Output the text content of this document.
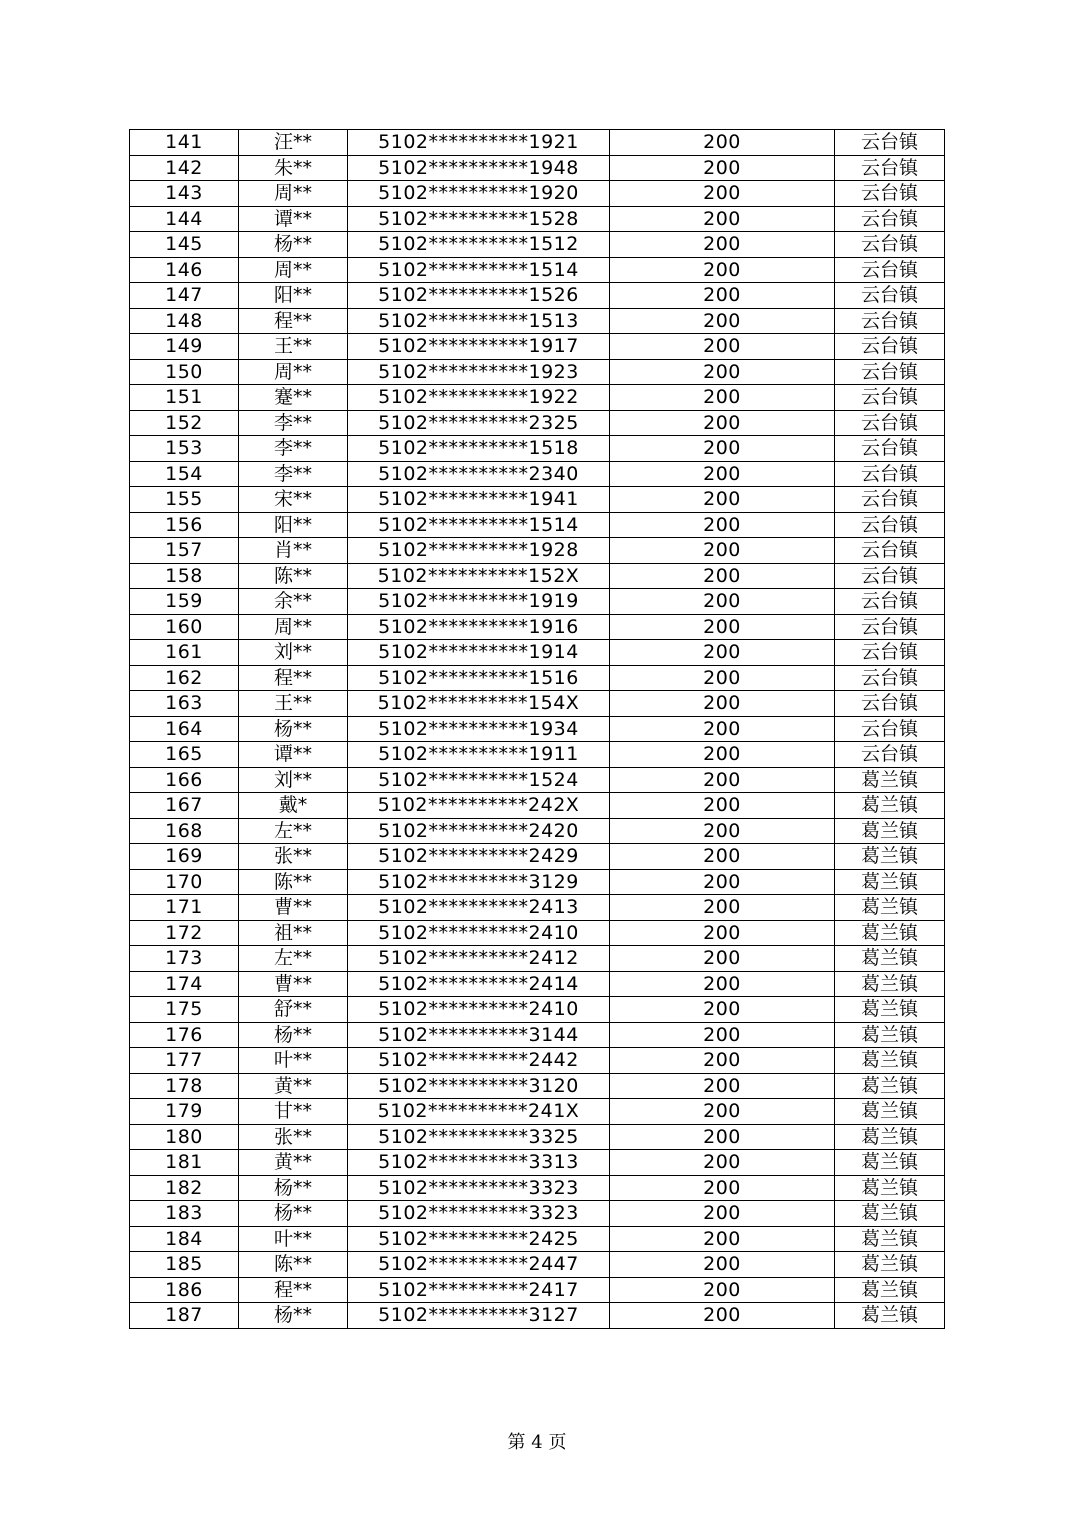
141	汪**	5102**********1921	200	云台镇
142	朱**	5102**********1948	200	云台镇
143	周**	5102**********1920	200	云台镇
144	谭**	5102**********1528	200	云台镇
145	杨**	5102**********1512	200	云台镇
146	周**	5102**********1514	200	云台镇
147	阳**	5102**********1526	200	云台镇
148	程**	5102**********1513	200	云台镇
149	王**	5102**********1917	200	云台镇
150	周**	5102**********1923	200	云台镇
151	蹇**	5102**********1922	200	云台镇
152	李**	5102**********2325	200	云台镇
153	李**	5102**********1518	200	云台镇
154	李**	5102**********2340	200	云台镇
155	宋**	5102**********1941	200	云台镇
156	阳**	5102**********1514	200	云台镇
157	肖**	5102**********1928	200	云台镇
158	陈**	5102**********152X	200	云台镇
159	余**	5102**********1919	200	云台镇
160	周**	5102**********1916	200	云台镇
161	刘**	5102**********1914	200	云台镇
162	程**	5102**********1516	200	云台镇
163	王**	5102**********154X	200	云台镇
164	杨**	5102**********1934	200	云台镇
165	谭**	5102**********1911	200	云台镇
166	刘**	5102**********1524	200	葛兰镇
167	戴*	5102**********242X	200	葛兰镇
168	左**	5102**********2420	200	葛兰镇
169	张**	5102**********2429	200	葛兰镇
170	陈**	5102**********3129	200	葛兰镇
171	曹**	5102**********2413	200	葛兰镇
172	祖**	5102**********2410	200	葛兰镇
173	左**	5102**********2412	200	葛兰镇
174	曹**	5102**********2414	200	葛兰镇
175	舒**	5102**********2410	200	葛兰镇
176	杨**	5102**********3144	200	葛兰镇
177	叶**	5102**********2442	200	葛兰镇
178	黄**	5102**********3120	200	葛兰镇
179	甘**	5102**********241X	200	葛兰镇
180	张**	5102**********3325	200	葛兰镇
181	黄**	5102**********3313	200	葛兰镇
182	杨**	5102**********3323	200	葛兰镇
183	杨**	5102**********3323	200	葛兰镇
184	叶**	5102**********2425	200	葛兰镇
185	陈**	5102**********2447	200	葛兰镇
186	程**	5102**********2417	200	葛兰镇
187	杨**	5102**********3127	200	葛兰镇
第 4 页
